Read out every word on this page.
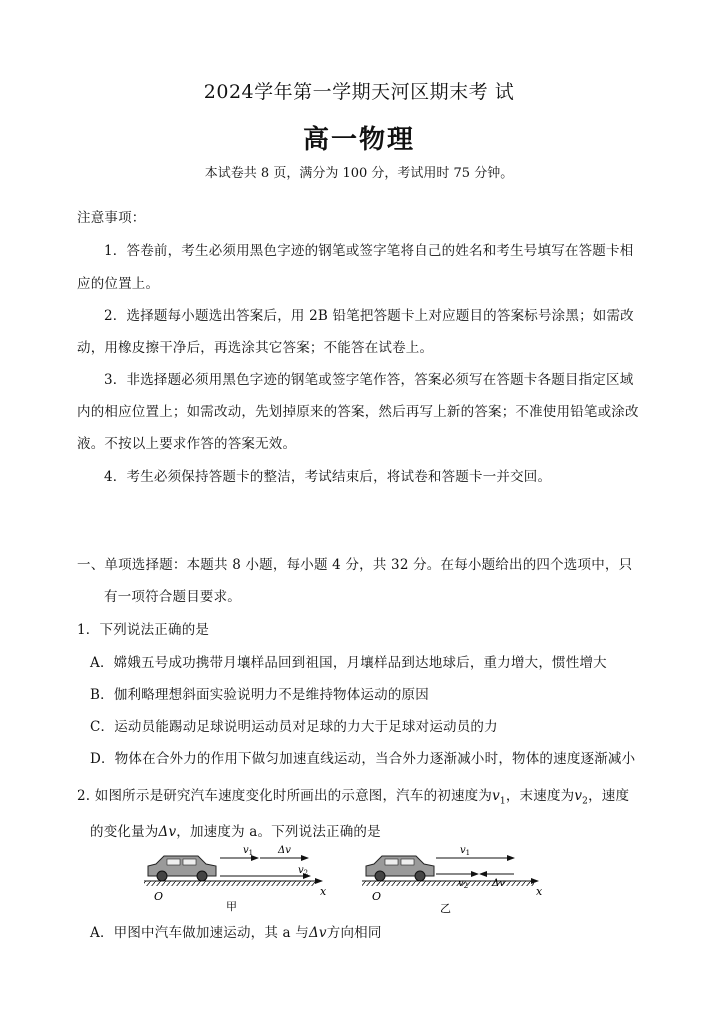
2024学年第一学期天河区期末考 试
高一物理
本试卷共 8 页，满分为 100 分，考试用时 75 分钟。
注意事项：
1．答卷前，考生必须用黑色字迹的钢笔或签字笔将自己的姓名和考生号填写在答题卡相
应的位置上。
2．选择题每小题选出答案后，用 2B 铅笔把答题卡上对应题目的答案标号涂黑；如需改
动，用橡皮擦干净后，再选涂其它答案；不能答在试卷上。
3．非选择题必须用黑色字迹的钢笔或签字笔作答，答案必须写在答题卡各题目指定区域
内的相应位置上；如需改动，先划掉原来的答案，然后再写上新的答案；不准使用铅笔或涂改
液。不按以上要求作答的答案无效。
4．考生必须保持答题卡的整洁，考试结束后，将试卷和答题卡一并交回。
一、单项选择题：本题共 8 小题，每小题 4 分，共 32 分。在每小题给出的四个选项中，只
有一项符合题目要求。
1．下列说法正确的是
A．嫦娥五号成功携带月壤样品回到祖国，月壤样品到达地球后，重力增大，惯性增大
B．伽利略理想斜面实验说明力不是维持物体运动的原因
C．运动员能踢动足球说明运动员对足球的力大于足球对运动员的力
D．物体在合外力的作用下做匀加速直线运动，当合外力逐渐减小时，物体的速度逐渐减小
2. 如图所示是研究汽车速度变化时所画出的示意图，汽车的初速度为$v_1$，末速度为$v_2$，速度
的变化量为Δv，加速度为 a。下列说法正确的是
$v_1$ Δv
$v_2$
O	x
甲
$v_1$
$v_2$ Δv
O	x
乙
A．甲图中汽车做加速运动，其 a 与Δv方向相同
